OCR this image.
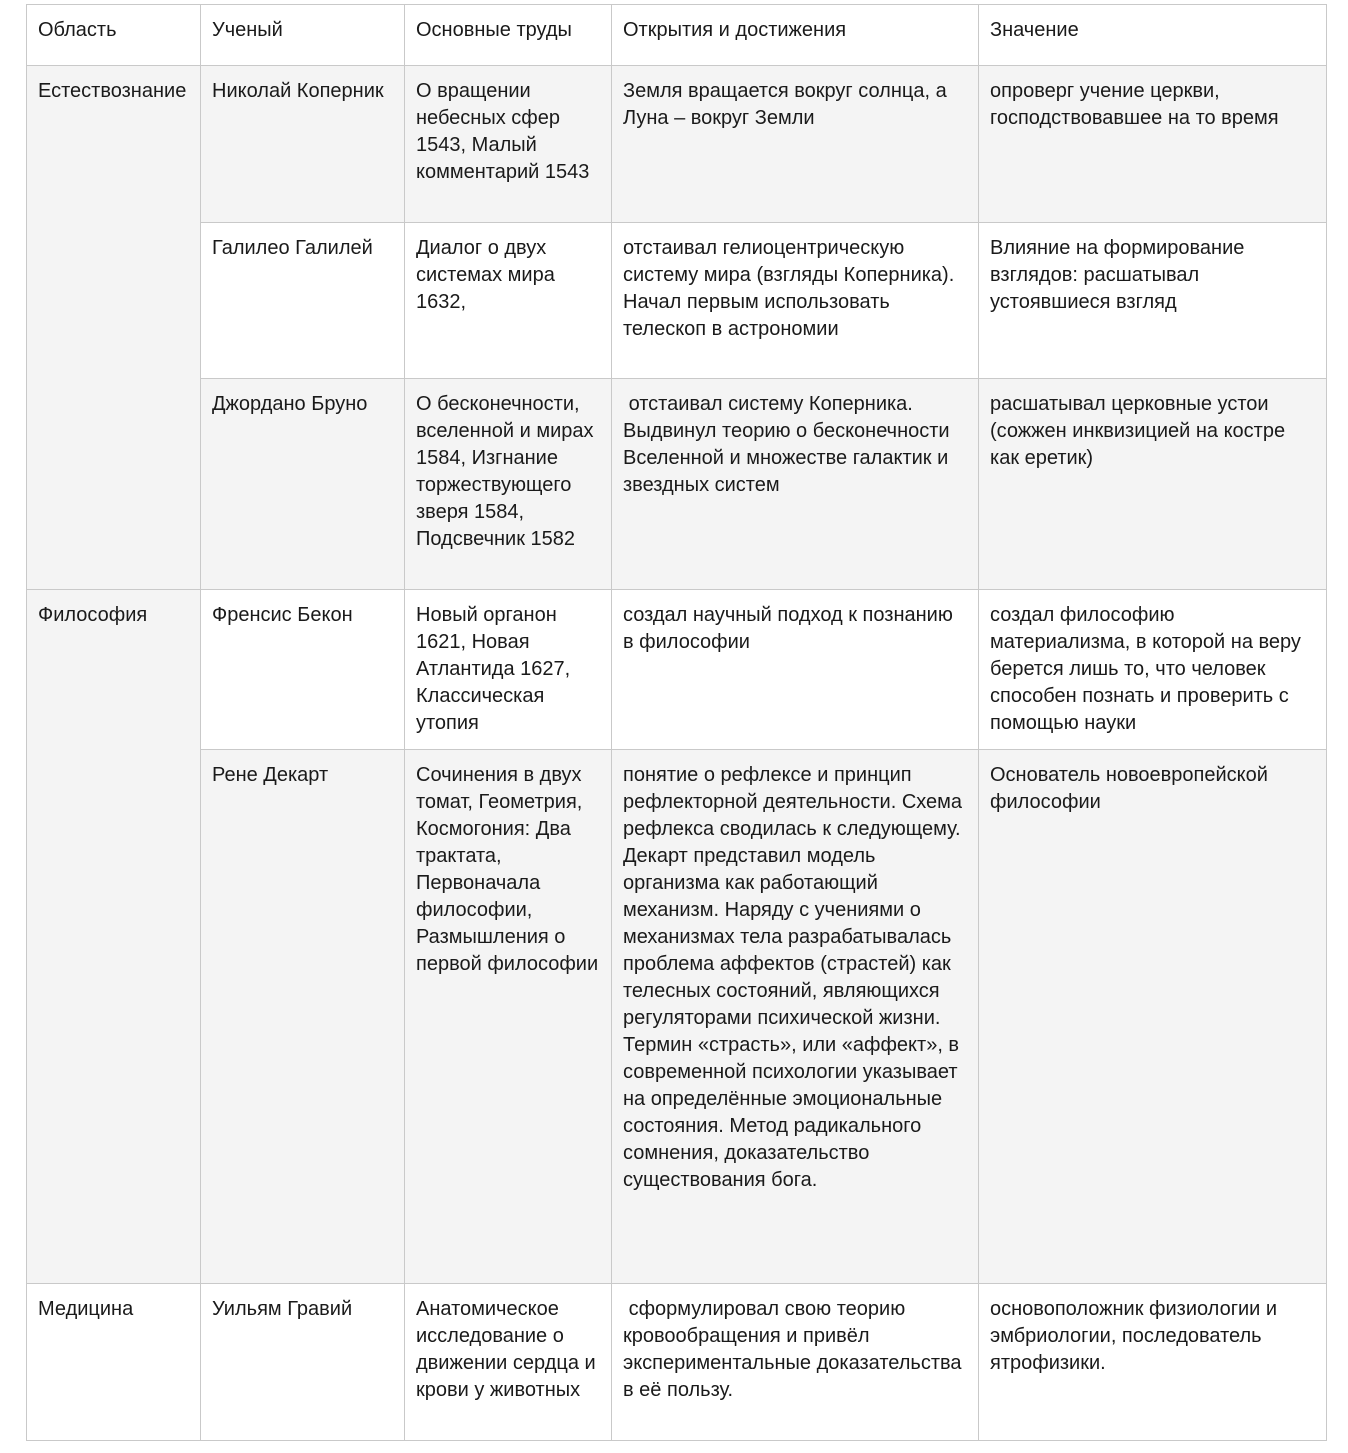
Область	Ученый	Основные труды	Открытия и достижения	Значение
Естествознание	Николай Коперник	О вращении небесных сфер 1543, Малый комментарий 1543	Земля вращается вокруг солнца, а Луна – вокруг Земли	опроверг учение церкви, господствовавшее на то время
	Галилео Галилей	Диалог о двух системах мира 1632,	отстаивал гелиоцентрическую систему мира (взгляды Коперника). Начал первым использовать телескоп в астрономии	Влияние на формирование взглядов: расшатывал устоявшиеся взгляд
	Джордано Бруно	О бесконечности, вселенной и мирах 1584, Изгнание торжествующего зверя 1584, Подсвечник 1582	отстаивал систему Коперника. Выдвинул теорию о бесконечности Вселенной и множестве галактик и звездных систем	расшатывал церковные устои (сожжен инквизицией на костре как еретик)
Философия	Френсис Бекон	Новый органон 1621, Новая Атлантида 1627, Классическая утопия	создал научный подход к познанию в философии	создал философию материализма, в которой на веру берется лишь то, что человек способен познать и проверить с помощью науки
	Рене Декарт	Сочинения в двух томат, Геометрия, Космогония: Два трактата, Первоначала философии, Размышления о первой философии	понятие о рефлексе и принцип рефлекторной деятельности. Схема рефлекса сводилась к следующему. Декарт представил модель организма как работающий механизм. Наряду с учениями о механизмах тела разрабатывалась проблема аффектов (страстей) как телесных состояний, являющихся регуляторами психической жизни. Термин «страсть», или «аффект», в современной психологии указывает на определённые эмоциональные состояния. Метод радикального сомнения, доказательство существования бога.	Основатель новоевропейской философии
Медицина	Уильям Гравий	Анатомическое исследование о движении сердца и крови у животных	сформулировал свою теорию кровообращения и привёл экспериментальные доказательства в её пользу.	основоположник физиологии и  эмбриологии, последователь ятрофизики.
